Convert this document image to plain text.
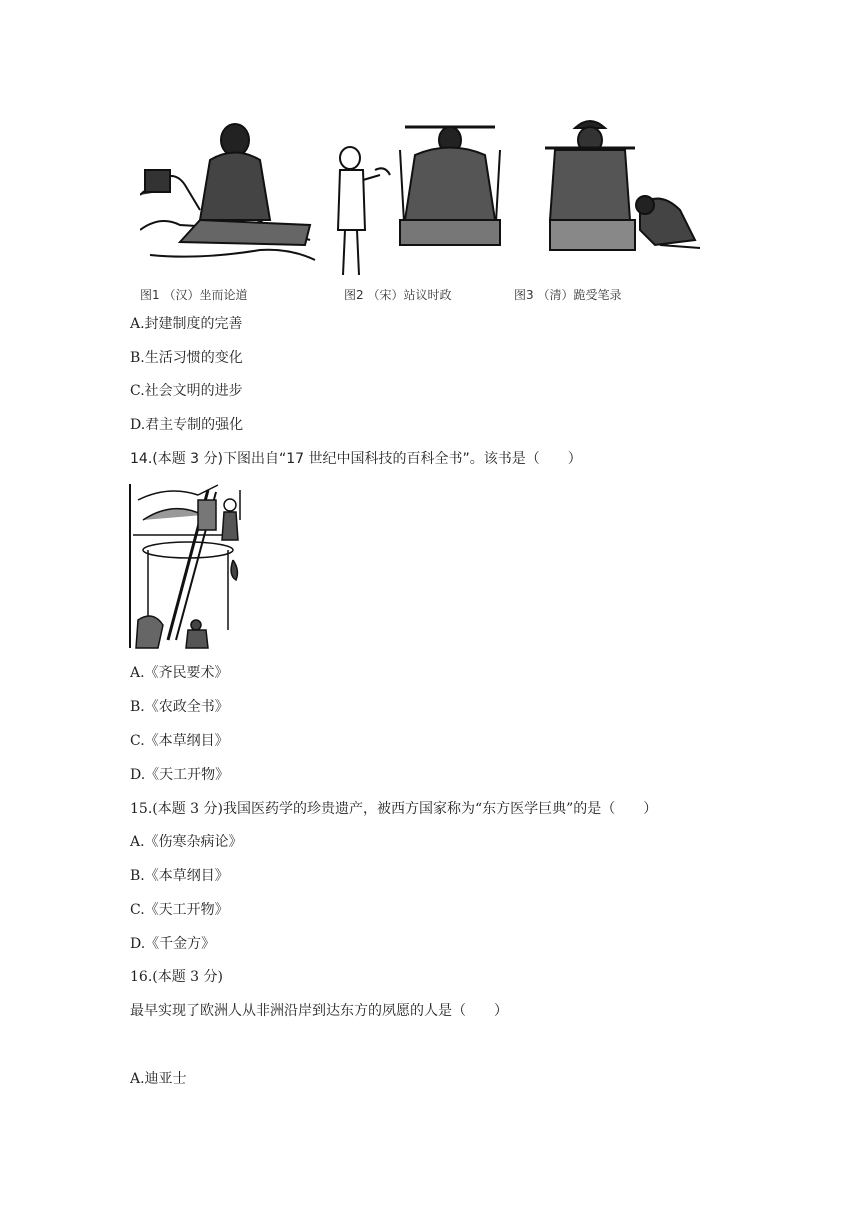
图1 （汉）坐而论道	图2 （宋）站议时政	图3 （清）跪受笔录
A.封建制度的完善
B.生活习惯的变化
C.社会文明的进步
D.君主专制的强化
14.(本题 3 分)下图出自“17 世纪中国科技的百科全书”。该书是（　　）
A.《齐民要术》
B.《农政全书》
C.《本草纲目》
D.《天工开物》
15.(本题 3 分)我国医药学的珍贵遗产，被西方国家称为“东方医学巨典”的是（　　）
A.《伤寒杂病论》
B.《本草纲目》
C.《天工开物》
D.《千金方》
16.(本题 3 分)
最早实现了欧洲人从非洲沿岸到达东方的夙愿的人是（　　）
A.迪亚士
